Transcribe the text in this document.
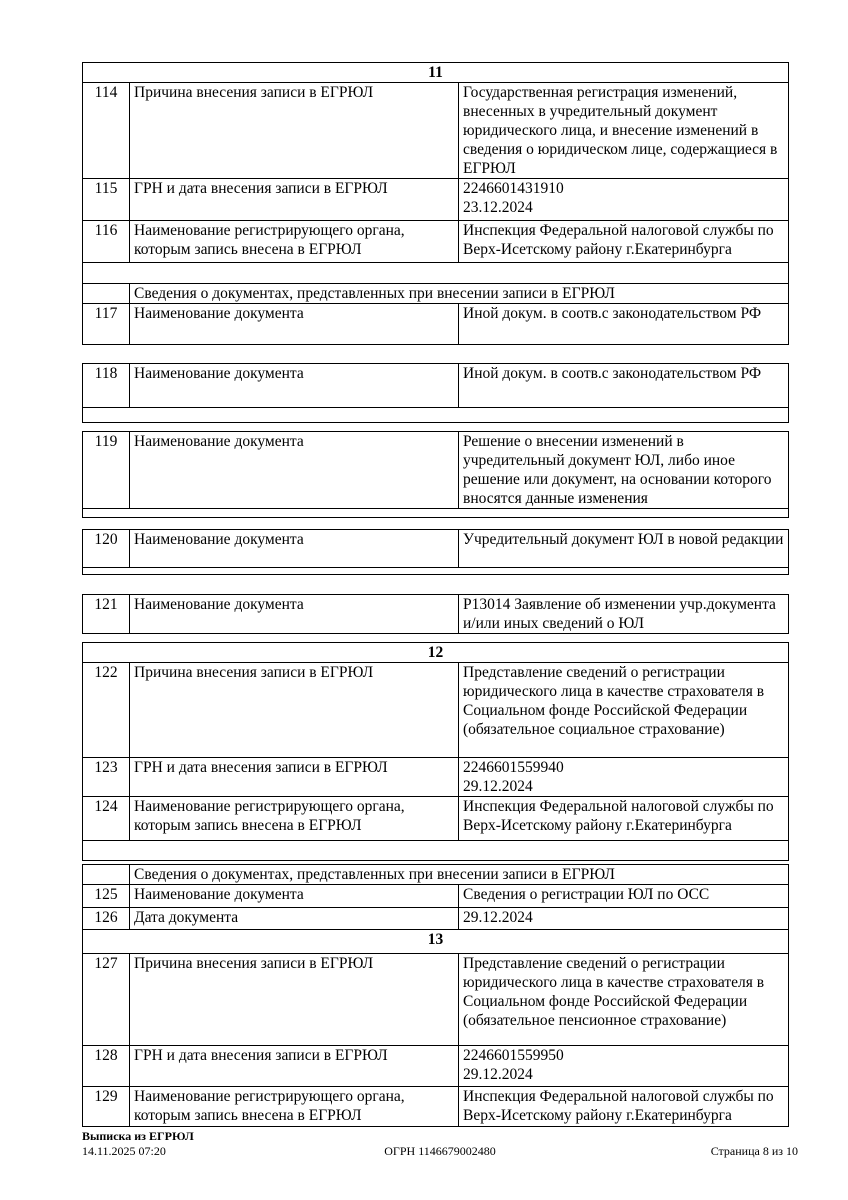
11		
114	Причина внесения записи в ЕГРЮЛ	Государственная регистрация изменений, внесенных в учредительный документ юридического лица, и внесение изменений в сведения о юридическом лице, содержащиеся в ЕГРЮЛ
115	ГРН и дата внесения записи в ЕГРЮЛ	2246601431910
23.12.2024

116	Наименование регистрирующего органа, которым запись внесена в ЕГРЮЛ	Инспекция Федеральной налоговой службы по Верх-Исетскому району г.Екатеринбурга

	Сведения о документах, представленных при внесении записи в ЕГРЮЛ	
117	Наименование документа	Иной докум. в соотв.с законодательством РФ
118	Наименование документа	Иной докум. в соотв.с законодательством РФ

119	Наименование документа	Решение о внесении изменений в учредительный документ ЮЛ, либо иное решение или документ, на основании которого вносятся данные изменения

120	Наименование документа	Учредительный документ ЮЛ в новой редакции

121	Наименование документа	Р13014 Заявление об изменении учр.документа и/или иных сведений о ЮЛ
12		
122	Причина внесения записи в ЕГРЮЛ	Представление сведений о регистрации юридического лица в качестве страхователя в Социальном фонде Российской Федерации (обязательное социальное страхование)
123	ГРН и дата внесения записи в ЕГРЮЛ	2246601559940
29.12.2024

124	Наименование регистрирующего органа, которым запись внесена в ЕГРЮЛ	Инспекция Федеральной налоговой службы по Верх-Исетскому району г.Екатеринбурга

	Сведения о документах, представленных при внесении записи в ЕГРЮЛ	
125	Наименование документа	Сведения о регистрации ЮЛ по ОСС
126	Дата документа	29.12.2024
13		
127	Причина внесения записи в ЕГРЮЛ	Представление сведений о регистрации юридического лица в качестве страхователя в Социальном фонде Российской Федерации (обязательное пенсионное страхование)
128	ГРН и дата внесения записи в ЕГРЮЛ	2246601559950
29.12.2024

129	Наименование регистрирующего органа, которым запись внесена в ЕГРЮЛ	Инспекция Федеральной налоговой службы по Верх-Исетскому району г.Екатеринбурга
Выписка из ЕГРЮЛ
14.11.2025 07:20	ОГРН 1146679002480	Страница 8 из 10
